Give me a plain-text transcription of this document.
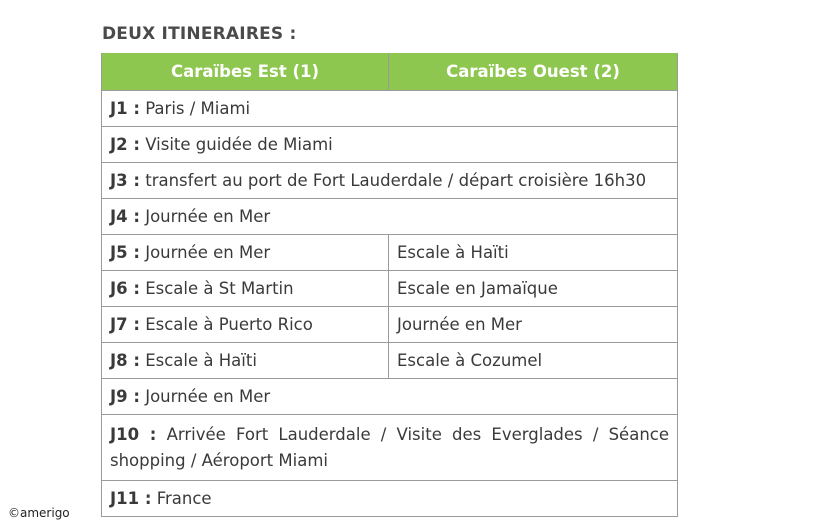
DEUX ITINERAIRES :
Caraïbes Est (1)	Caraïbes Ouest (2)
J1 : Paris / Miami	
J2 : Visite guidée de Miami	
J3 : transfert au port de Fort Lauderdale / départ croisière 16h30	
J4 : Journée en Mer	
J5 : Journée en Mer	Escale à Haïti
J6 : Escale à St Martin	Escale en Jamaïque
J7 : Escale à Puerto Rico	Journée en Mer
J8 : Escale à Haïti	Escale à Cozumel
J9 : Journée en Mer	
J10 : Arrivée Fort Lauderdale / Visite des Everglades / Séance shopping / Aéroport Miami	
J11 : France	
©amerigo
